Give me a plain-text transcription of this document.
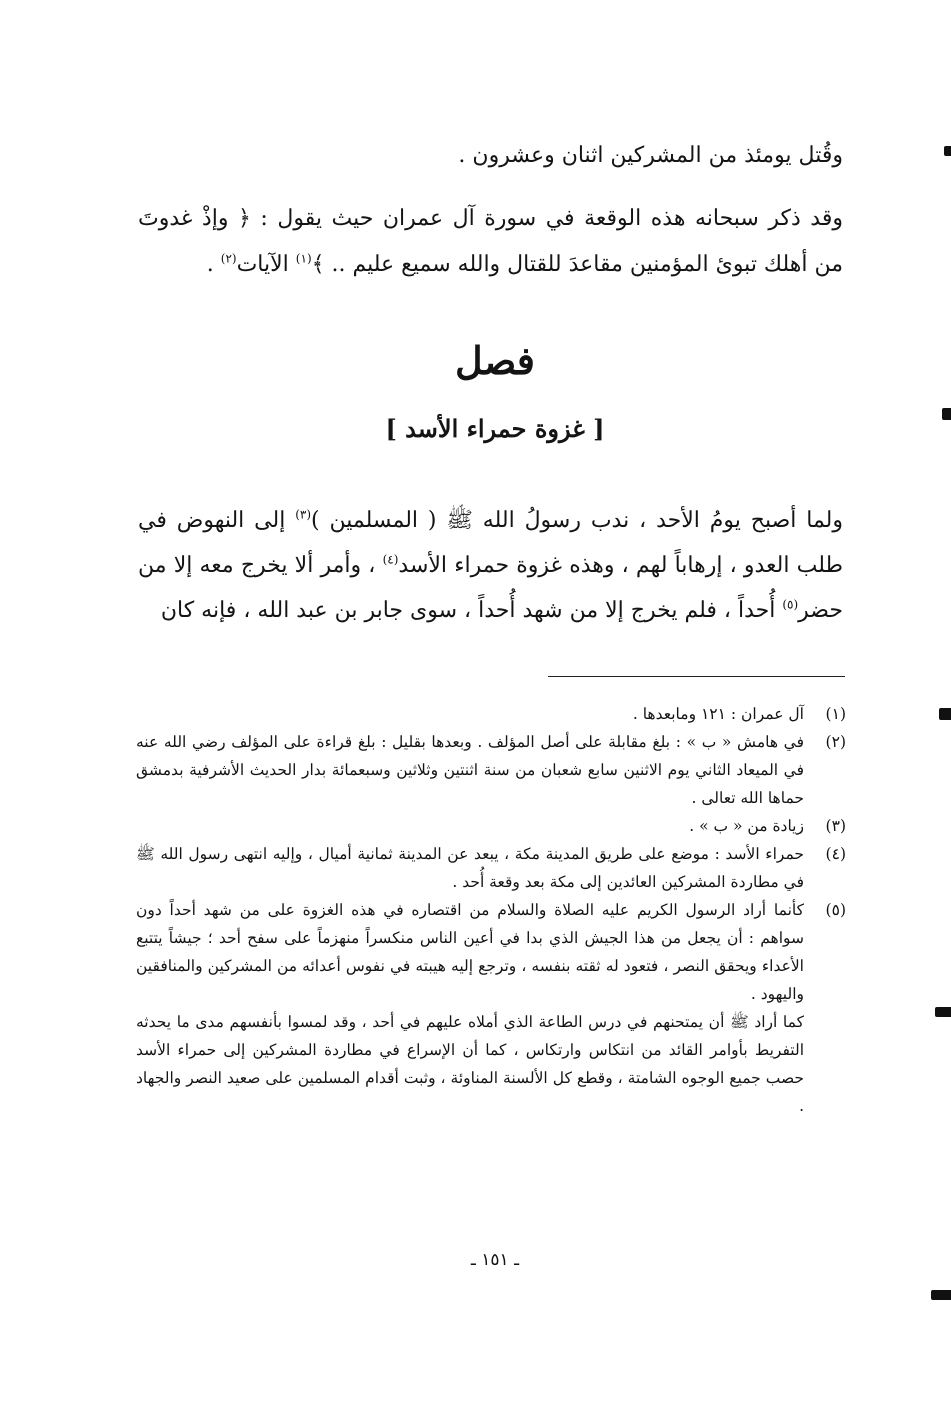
وقُتل يومئذ من المشركين اثنان وعشرون .

وقد ذكر سبحانه هذه الوقعة في سورة آل عمران حيث يقول : ﴿ وإذْ غدوتَ من أهلك تبوئ المؤمنين مقاعدَ للقتال والله سميع عليم .. ﴾$^{(١)}$ الآيات$^{(٢)}$ .

فصل
[ غزوة حمراء الأسد ]

ولما أصبح يومُ الأحد ، ندب رسولُ الله ﷺ ( المسلمين )$^{(٣)}$ إلى النهوض في طلب العدو ، إرهاباً لهم ، وهذه غزوة حمراء الأسد$^{(٤)}$ ، وأمر ألا يخرج معه إلا من حضر$^{(٥)}$ أُحداً ، فلم يخرج إلا من شهد أُحداً ، سوى جابر بن عبد الله ، فإنه كان

(١)
آل عمران : ١٢١ ومابعدها .
(٢)
في هامش « ب » : بلغ مقابلة على أصل المؤلف . وبعدها بقليل : بلغ قراءة على المؤلف رضي الله عنه في الميعاد الثاني يوم الاثنين سابع شعبان من سنة اثنتين وثلاثين وسبعمائة بدار الحديث الأشرفية بدمشق حماها الله تعالى .
(٣)
زيادة من « ب » .
(٤)
حمراء الأسد : موضع على طريق المدينة مكة ، يبعد عن المدينة ثمانية أميال ، وإليه انتهى رسول الله ﷺ في مطاردة المشركين العائدين إلى مكة بعد وقعة أُحد .
(٥)
كأنما أراد الرسول الكريم عليه الصلاة والسلام من اقتصاره في هذه الغزوة على من شهد أحداً دون سواهم : أن يجعل من هذا الجيش الذي بدا في أعين الناس منكسراً منهزماً على سفح أحد ؛ جيشاً يتتبع الأعداء ويحقق النصر ، فتعود له ثقته بنفسه ، وترجع إليه هيبته في نفوس أعدائه من المشركين والمنافقين واليهود .
كما أراد ﷺ أن يمتحنهم في درس الطاعة الذي أملاه عليهم في أحد ، وقد لمسوا بأنفسهم مدى ما يحدثه التفريط بأوامر القائد من انتكاس وارتكاس ، كما أن الإسراع في مطاردة المشركين إلى حمراء الأسد حصب جميع الوجوه الشامتة ، وقطع كل الألسنة المناوئة ، وثبت أقدام المسلمين على صعيد النصر والجهاد .
ـ ١٥١ ـ
